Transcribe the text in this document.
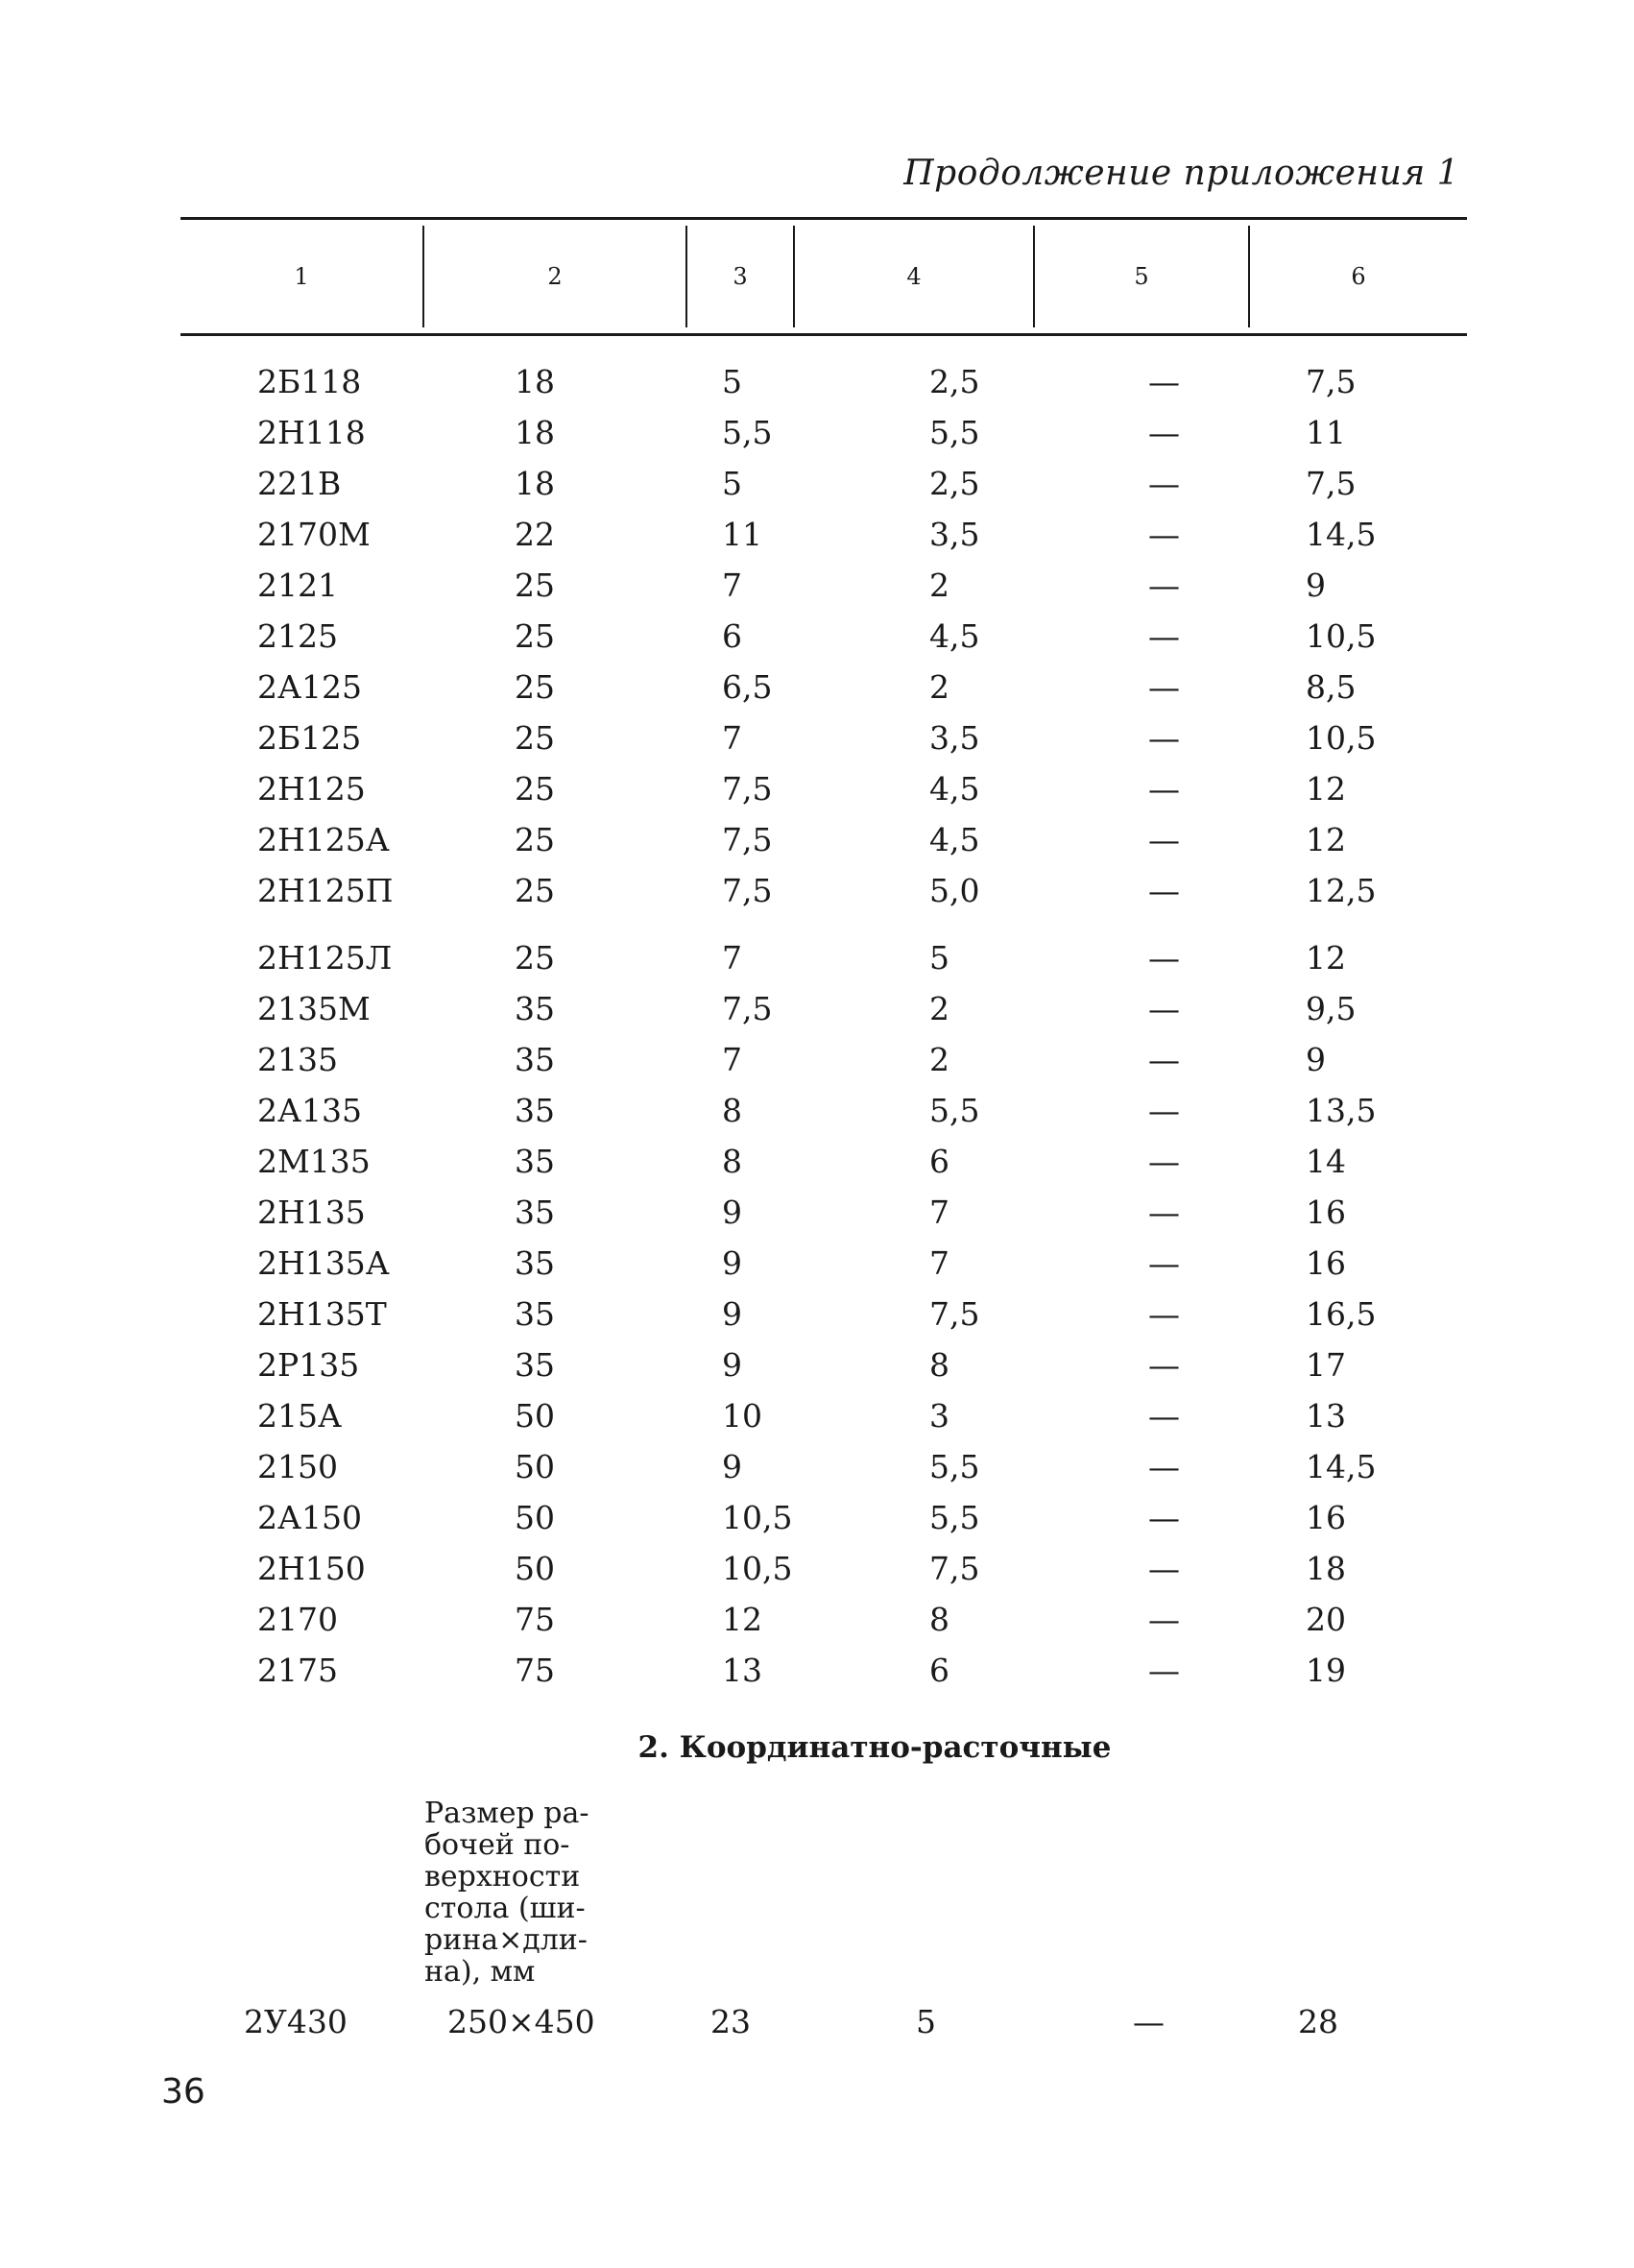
Продолжение приложения 1
1	2	3	4	5	6
2Б118	18	5	2,5	—	7,5
2Н118	18	5,5	5,5	—	11
221В	18	5	2,5	—	7,5
2170М	22	11	3,5	—	14,5
2121	25	7	2	—	9
2125	25	6	4,5	—	10,5
2А125	25	6,5	2	—	8,5
2Б125	25	7	3,5	—	10,5
2Н125	25	7,5	4,5	—	12
2Н125А	25	7,5	4,5	—	12
2Н125П	25	7,5	5,0	—	12,5
2Н125Л	25	7	5	—	12
2135М	35	7,5	2	—	9,5
2135	35	7	2	—	9
2А135	35	8	5,5	—	13,5
2М135	35	8	6	—	14
2Н135	35	9	7	—	16
2Н135А	35	9	7	—	16
2Н135Т	35	9	7,5	—	16,5
2Р135	35	9	8	—	17
215А	50	10	3	—	13
2150	50	9	5,5	—	14,5
2А150	50	10,5	5,5	—	16
2Н150	50	10,5	7,5	—	18
2170	75	12	8	—	20
2175	75	13	6	—	19
2. Координатно-расточные
Размер ра-
бочей по-
верхности
стола (ши-
рина×дли-
на), мм
2У430	250×450	23	5	—	28
36
